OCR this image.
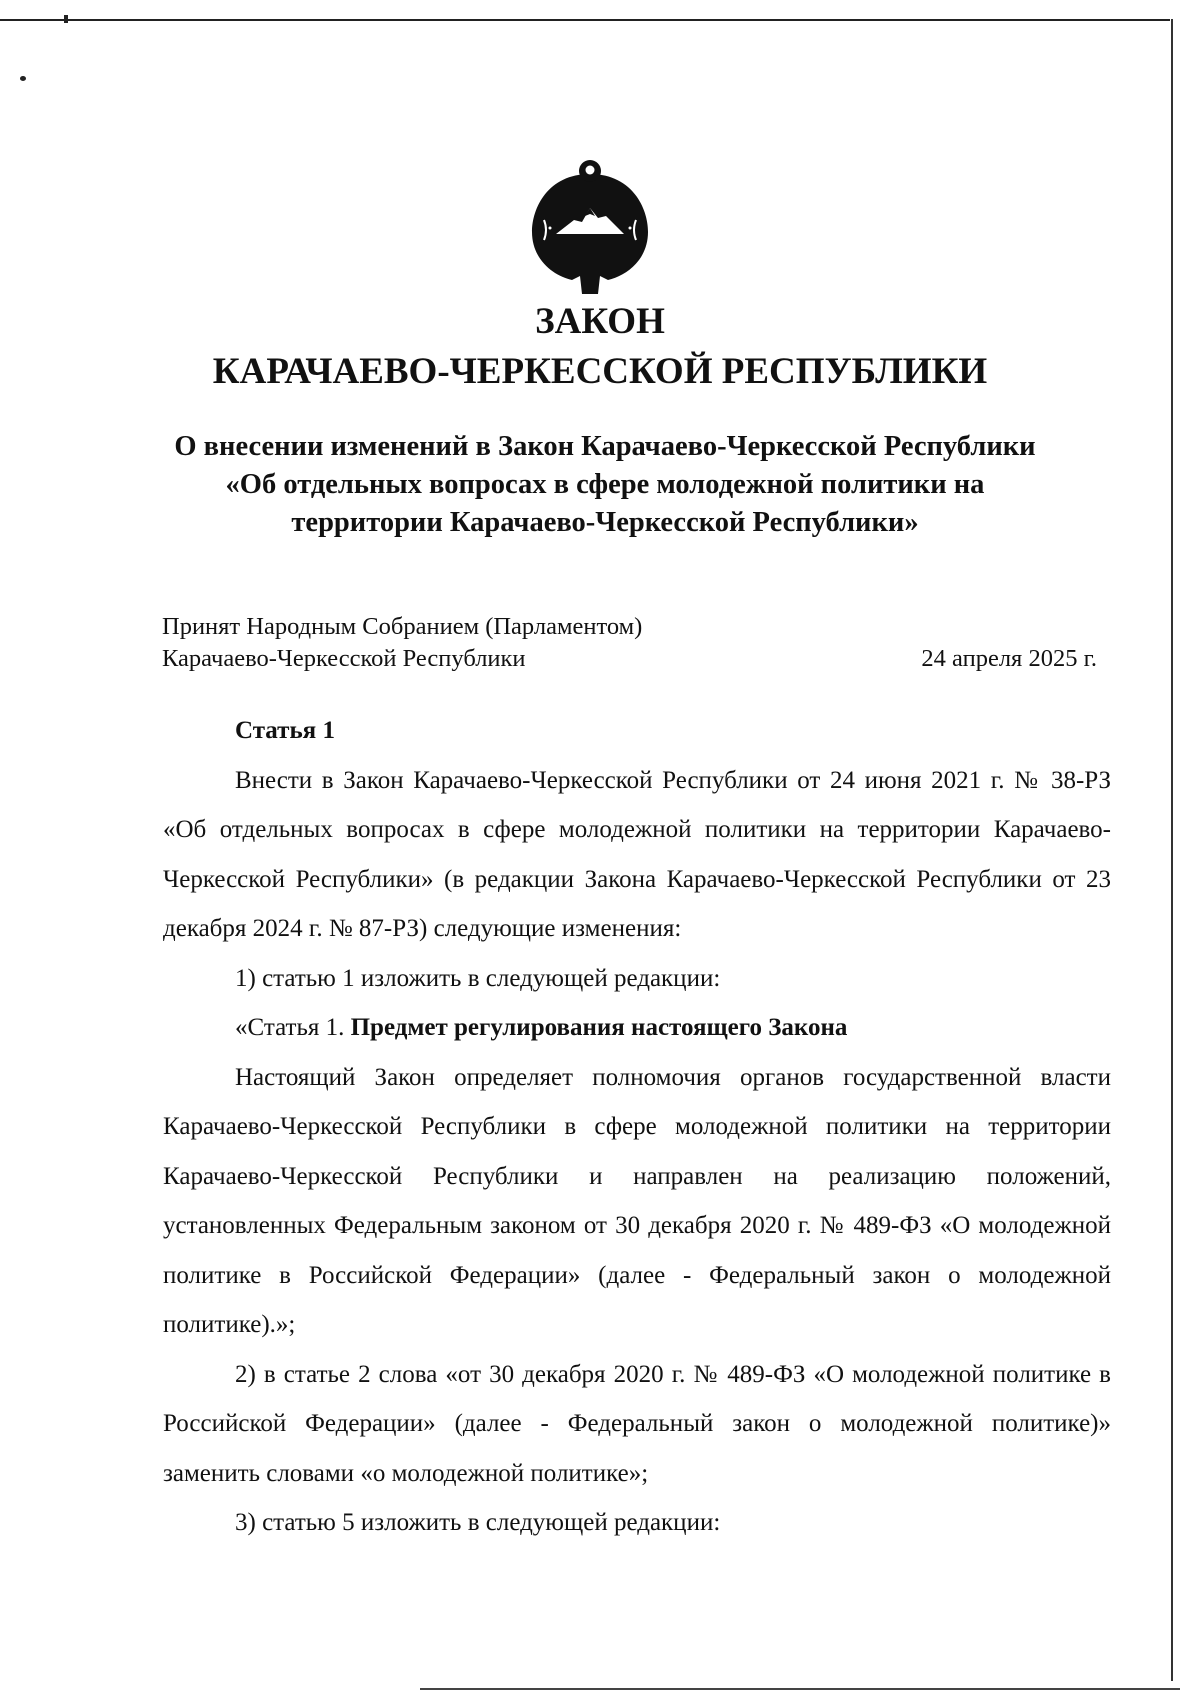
ЗАКОН
КАРАЧАЕВО-ЧЕРКЕССКОЙ РЕСПУБЛИКИ
О внесении изменений в Закон Карачаево-Черкесской Республики «Об отдельных вопросах в сфере молодежной политики на территории Карачаево-Черкесской Республики»
Принят Народным Собранием (Парламентом)
Карачаево-Черкесской Республики	24 апреля 2025 г.

Статья 1

Внести в Закон Карачаево-Черкесской Республики от 24 июня 2021 г. № 38-РЗ «Об отдельных вопросах в сфере молодежной политики на территории Карачаево-Черкесской Республики» (в редакции Закона Карачаево-Черкесской Республики от 23 декабря 2024 г. № 87-РЗ) следующие изменения:

1) статью 1 изложить в следующей редакции:

«Статья 1. Предмет регулирования настоящего Закона

Настоящий Закон определяет полномочия органов государственной власти Карачаево-Черкесской Республики в сфере молодежной политики на территории Карачаево-Черкесской Республики и направлен на реализацию положений, установленных Федеральным законом от 30 декабря 2020 г. № 489-ФЗ «О молодежной политике в Российской Федерации» (далее - Федеральный закон о молодежной политике).»;

2) в статье 2 слова «от 30 декабря 2020 г. № 489-ФЗ «О молодежной политике в Российской Федерации» (далее - Федеральный закон о молодежной политике)» заменить словами «о молодежной политике»;

3) статью 5 изложить в следующей редакции:
